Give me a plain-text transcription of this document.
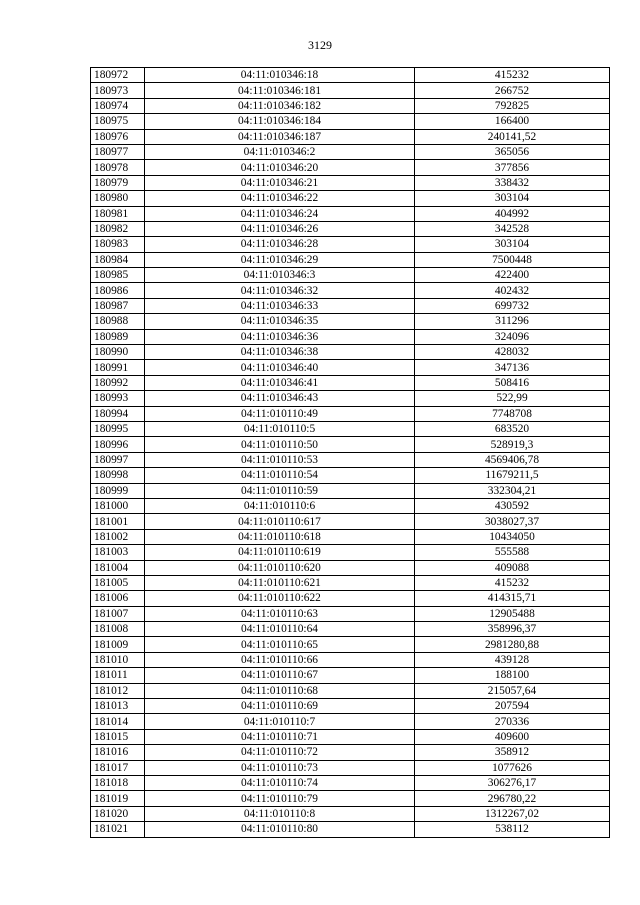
3129
180972	04:11:010346:18	415232
180973	04:11:010346:181	266752
180974	04:11:010346:182	792825
180975	04:11:010346:184	166400
180976	04:11:010346:187	240141,52
180977	04:11:010346:2	365056
180978	04:11:010346:20	377856
180979	04:11:010346:21	338432
180980	04:11:010346:22	303104
180981	04:11:010346:24	404992
180982	04:11:010346:26	342528
180983	04:11:010346:28	303104
180984	04:11:010346:29	7500448
180985	04:11:010346:3	422400
180986	04:11:010346:32	402432
180987	04:11:010346:33	699732
180988	04:11:010346:35	311296
180989	04:11:010346:36	324096
180990	04:11:010346:38	428032
180991	04:11:010346:40	347136
180992	04:11:010346:41	508416
180993	04:11:010346:43	522,99
180994	04:11:010110:49	7748708
180995	04:11:010110:5	683520
180996	04:11:010110:50	528919,3
180997	04:11:010110:53	4569406,78
180998	04:11:010110:54	11679211,5
180999	04:11:010110:59	332304,21
181000	04:11:010110:6	430592
181001	04:11:010110:617	3038027,37
181002	04:11:010110:618	10434050
181003	04:11:010110:619	555588
181004	04:11:010110:620	409088
181005	04:11:010110:621	415232
181006	04:11:010110:622	414315,71
181007	04:11:010110:63	12905488
181008	04:11:010110:64	358996,37
181009	04:11:010110:65	2981280,88
181010	04:11:010110:66	439128
181011	04:11:010110:67	188100
181012	04:11:010110:68	215057,64
181013	04:11:010110:69	207594
181014	04:11:010110:7	270336
181015	04:11:010110:71	409600
181016	04:11:010110:72	358912
181017	04:11:010110:73	1077626
181018	04:11:010110:74	306276,17
181019	04:11:010110:79	296780,22
181020	04:11:010110:8	1312267,02
181021	04:11:010110:80	538112
